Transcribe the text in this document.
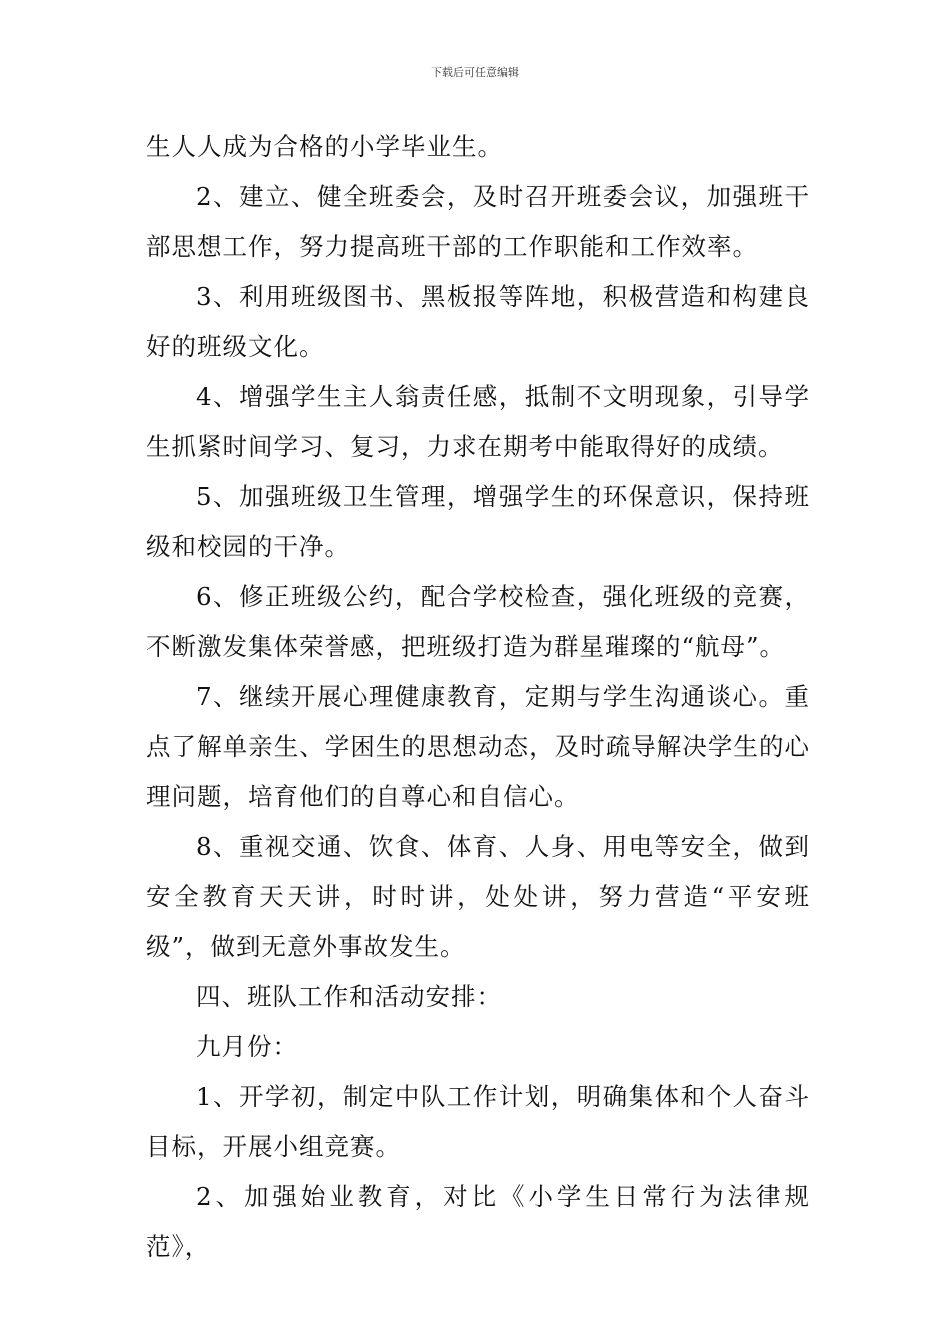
下载后可任意编辑

生人人成为合格的小学毕业生。

2、建立、健全班委会，及时召开班委会议，加强班干部思想工作，努力提高班干部的工作职能和工作效率。

3、利用班级图书、黑板报等阵地，积极营造和构建良好的班级文化。

4、增强学生主人翁责任感，抵制不文明现象，引导学生抓紧时间学习、复习，力求在期考中能取得好的成绩。

5、加强班级卫生管理，增强学生的环保意识，保持班级和校园的干净。

6、修正班级公约，配合学校检查，强化班级的竞赛，不断激发集体荣誉感，把班级打造为群星璀璨的“航母”。

7、继续开展心理健康教育，定期与学生沟通谈心。重点了解单亲生、学困生的思想动态，及时疏导解决学生的心理问题，培育他们的自尊心和自信心。

8、重视交通、饮食、体育、人身、用电等安全，做到安全教育天天讲，时时讲，处处讲，努力营造“平安班级”，做到无意外事故发生。

四、班队工作和活动安排：

九月份：

1、开学初，制定中队工作计划，明确集体和个人奋斗目标，开展小组竞赛。

2、加强始业教育，对比《小学生日常行为法律规范》，
